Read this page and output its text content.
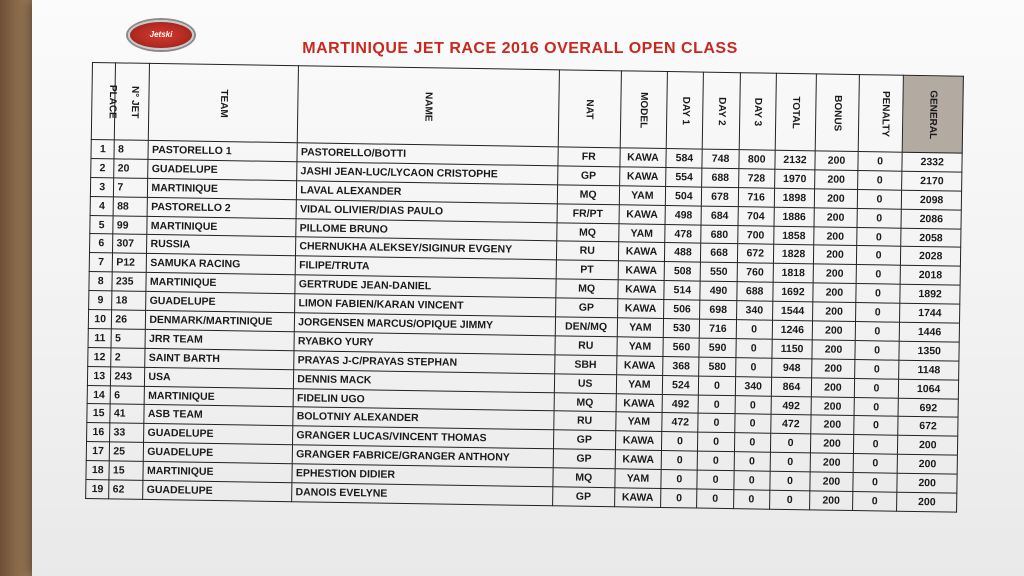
Jetski
MARTINIQUE JET RACE 2016 OVERALL OPEN CLASS
PLACE	N° JET	TEAM	NAME	NAT	MODEL	DAY 1	DAY 2	DAY 3	TOTAL	BONUS	PENALTY	GENERAL
1	8	PASTORELLO 1	PASTORELLO/BOTTI	FR	KAWA	584	748	800	2132	200	0	2332
2	20	GUADELUPE	JASHI JEAN-LUC/LYCAON CRISTOPHE	GP	KAWA	554	688	728	1970	200	0	2170
3	7	MARTINIQUE	LAVAL ALEXANDER	MQ	YAM	504	678	716	1898	200	0	2098
4	88	PASTORELLO 2	VIDAL OLIVIER/DIAS PAULO	FR/PT	KAWA	498	684	704	1886	200	0	2086
5	99	MARTINIQUE	PILLOME BRUNO	MQ	YAM	478	680	700	1858	200	0	2058
6	307	RUSSIA	CHERNUKHA ALEKSEY/SIGINUR EVGENY	RU	KAWA	488	668	672	1828	200	0	2028
7	P12	SAMUKA RACING	FILIPE/TRUTA	PT	KAWA	508	550	760	1818	200	0	2018
8	235	MARTINIQUE	GERTRUDE JEAN-DANIEL	MQ	KAWA	514	490	688	1692	200	0	1892
9	18	GUADELUPE	LIMON FABIEN/KARAN VINCENT	GP	KAWA	506	698	340	1544	200	0	1744
10	26	DENMARK/MARTINIQUE	JORGENSEN MARCUS/OPIQUE JIMMY	DEN/MQ	YAM	530	716	0	1246	200	0	1446
11	5	JRR TEAM	RYABKO YURY	RU	YAM	560	590	0	1150	200	0	1350
12	2	SAINT BARTH	PRAYAS J-C/PRAYAS STEPHAN	SBH	KAWA	368	580	0	948	200	0	1148
13	243	USA	DENNIS MACK	US	YAM	524	0	340	864	200	0	1064
14	6	MARTINIQUE	FIDELIN UGO	MQ	KAWA	492	0	0	492	200	0	692
15	41	ASB TEAM	BOLOTNIY ALEXANDER	RU	YAM	472	0	0	472	200	0	672
16	33	GUADELUPE	GRANGER LUCAS/VINCENT THOMAS	GP	KAWA	0	0	0	0	200	0	200
17	25	GUADELUPE	GRANGER FABRICE/GRANGER ANTHONY	GP	KAWA	0	0	0	0	200	0	200
18	15	MARTINIQUE	EPHESTION DIDIER	MQ	YAM	0	0	0	0	200	0	200
19	62	GUADELUPE	DANOIS EVELYNE	GP	KAWA	0	0	0	0	200	0	200
